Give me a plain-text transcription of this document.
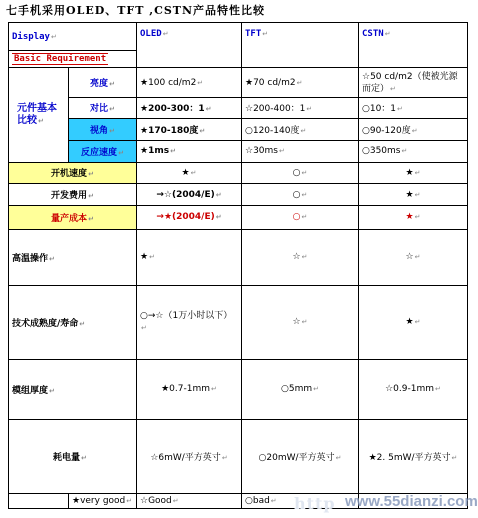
七手机采用OLED、TFT ,CSTN产品特性比较
Display↵		OLED↵	TFT↵	CSTN↵
Basic Requirement				
元件基本比较↵	亮度↵	★100 cd/m2↵	★70 cd/m2↵	☆50 cd/m2（使被光源而定）↵
	对比↵	★200-300：1↵	☆200-400：1↵	○10：1↵
	视角↵	★170-180度↵	○120-140度↵	○90-120度↵
	反应速度↵	★1ms↵	☆30ms↵	○350ms↵
开机速度↵		★↵	○↵	★↵
开发费用↵		→☆(2004/E)↵	○↵	★↵
量产成本↵		→★(2004/E)↵	○↵	★↵
高温操作↵		★↵	☆↵	☆↵
技术成熟度/寿命↵		○→☆（1万小时以下）↵	☆↵	★↵
模组厚度↵		★0.7-1mm↵	○5mm↵	☆0.9-1mm↵
耗电量↵		☆6mW/平方英寸↵	○20mW/平方英寸↵	★2. 5mW/平方英寸↵
	★very good↵	☆Good↵	○bad↵	http www.55dianzi.com
